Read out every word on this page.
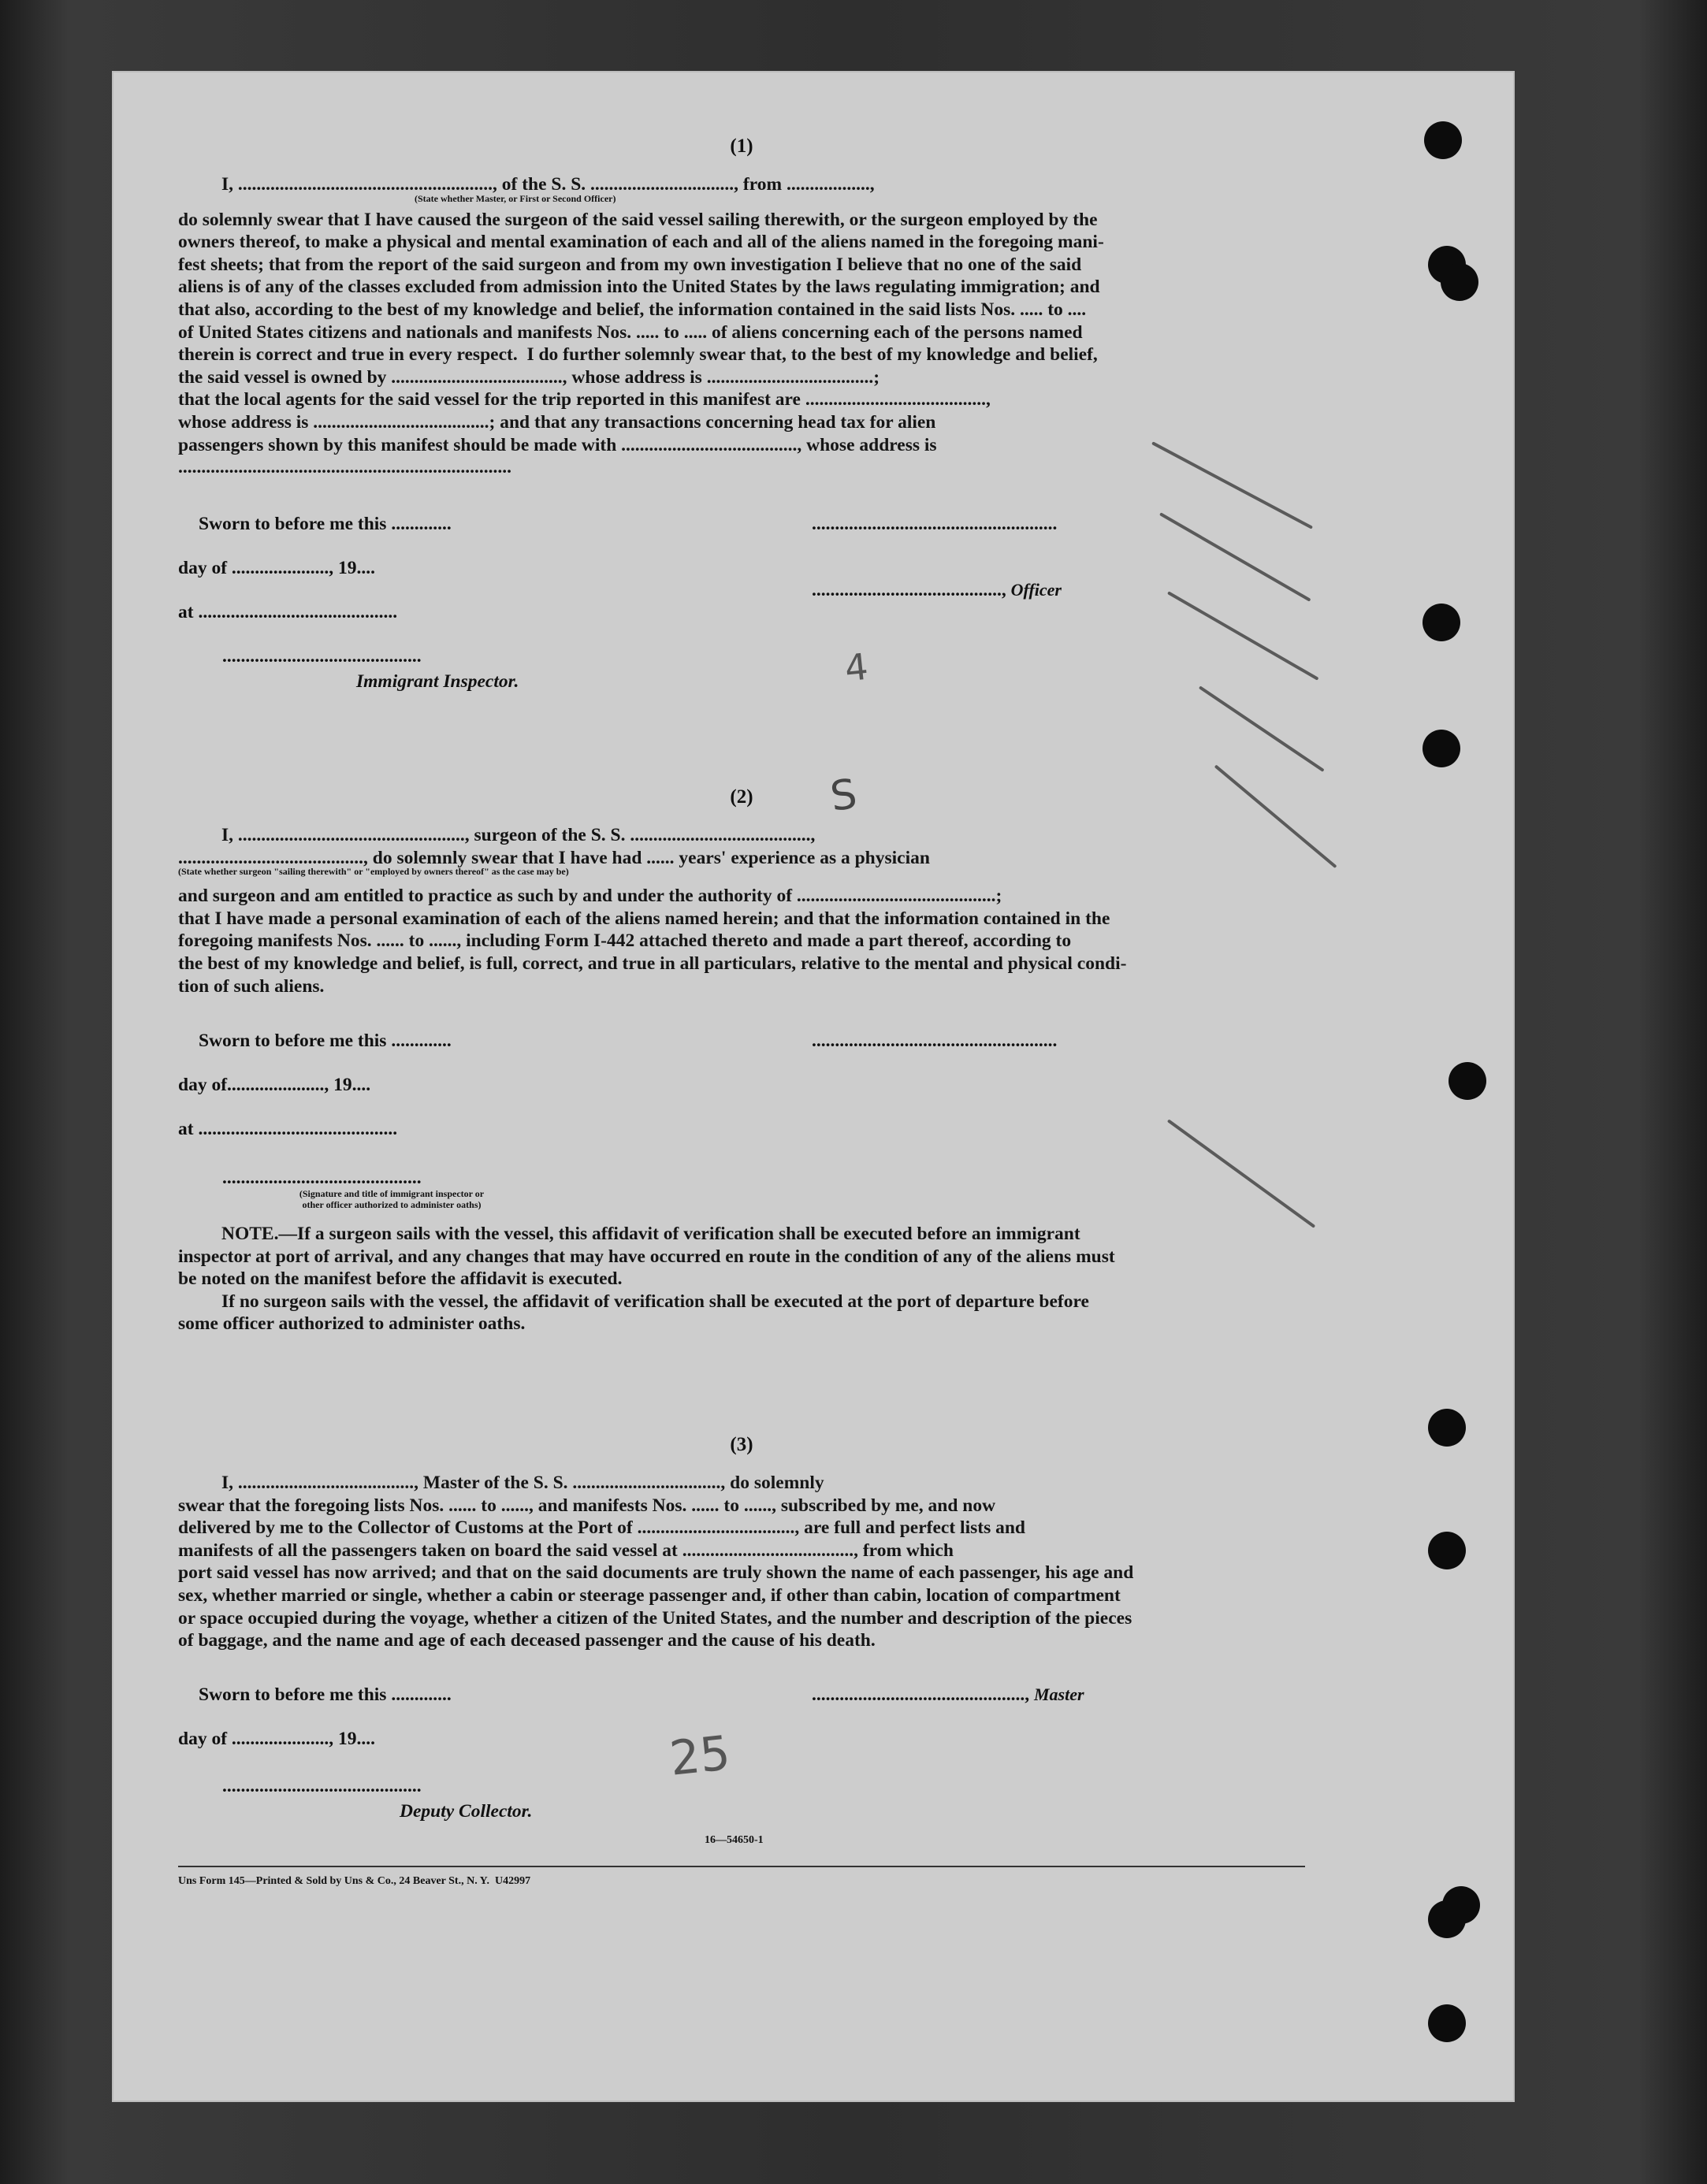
(1)

I, ......................................................., of the S. S. ..............................., from ..................,

(State whether Master, or First or Second Officer)

do solemnly swear that I have caused the surgeon of the said vessel sailing therewith, or the surgeon employed by the

owners thereof, to make a physical and mental examination of each and all of the aliens named in the foregoing mani-

fest sheets; that from the report of the said surgeon and from my own investigation I believe that no one of the said

aliens is of any of the classes excluded from admission into the United States by the laws regulating immigration; and

that also, according to the best of my knowledge and belief, the information contained in the said lists Nos. ..... to ....

of United States citizens and nationals and manifests Nos. ..... to ..... of aliens concerning each of the persons named

therein is correct and true in every respect.  I do further solemnly swear that, to the best of my knowledge and belief,

the said vessel is owned by ....................................., whose address is ....................................;

that the local agents for the said vessel for the trip reported in this manifest are .......................................,

whose address is ......................................; and that any transactions concerning head tax for alien

passengers shown by this manifest should be made with ......................................, whose address is

........................................................................

Sworn to before me this .............	.....................................................
day of ....................., 19....
........................................., Officer
at ...........................................
...........................................
Immigrant Inspector.

(2)

I, ................................................., surgeon of the S. S. .......................................,

........................................, do solemnly swear that I have had ...... years' experience as a physician

(State whether surgeon "sailing therewith" or "employed by owners thereof" as the case may be)

and surgeon and am entitled to practice as such by and under the authority of ...........................................;

that I have made a personal examination of each of the aliens named herein; and that the information contained in the

foregoing manifests Nos. ...... to ......, including Form I-442 attached thereto and made a part thereof, according to

the best of my knowledge and belief, is full, correct, and true in all particulars, relative to the mental and physical condi-

tion of such aliens.

Sworn to before me this .............	.....................................................
day of....................., 19....
at ...........................................
...........................................

(Signature and title of immigrant inspector or

other officer authorized to administer oaths)

NOTE.—If a surgeon sails with the vessel, this affidavit of verification shall be executed before an immigrant

inspector at port of arrival, and any changes that may have occurred en route in the condition of any of the aliens must

be noted on the manifest before the affidavit is executed.

If no surgeon sails with the vessel, the affidavit of verification shall be executed at the port of departure before

some officer authorized to administer oaths.

(3)

I, ......................................, Master of the S. S. ................................, do solemnly

swear that the foregoing lists Nos. ...... to ......, and manifests Nos. ...... to ......, subscribed by me, and now

delivered by me to the Collector of Customs at the Port of .................................., are full and perfect lists and

manifests of all the passengers taken on board the said vessel at ....................................., from which

port said vessel has now arrived; and that on the said documents are truly shown the name of each passenger, his age and

sex, whether married or single, whether a cabin or steerage passenger and, if other than cabin, location of compartment

or space occupied during the voyage, whether a citizen of the United States, and the number and description of the pieces

of baggage, and the name and age of each deceased passenger and the cause of his death.

Sworn to before me this .............	.............................................., Master
day of ....................., 19....
...........................................
Deputy Collector.
16—54650-1
Uns Form 145—Printed & Sold by Uns & Co., 24 Beaver St., N. Y.  U42997
S
4
25
